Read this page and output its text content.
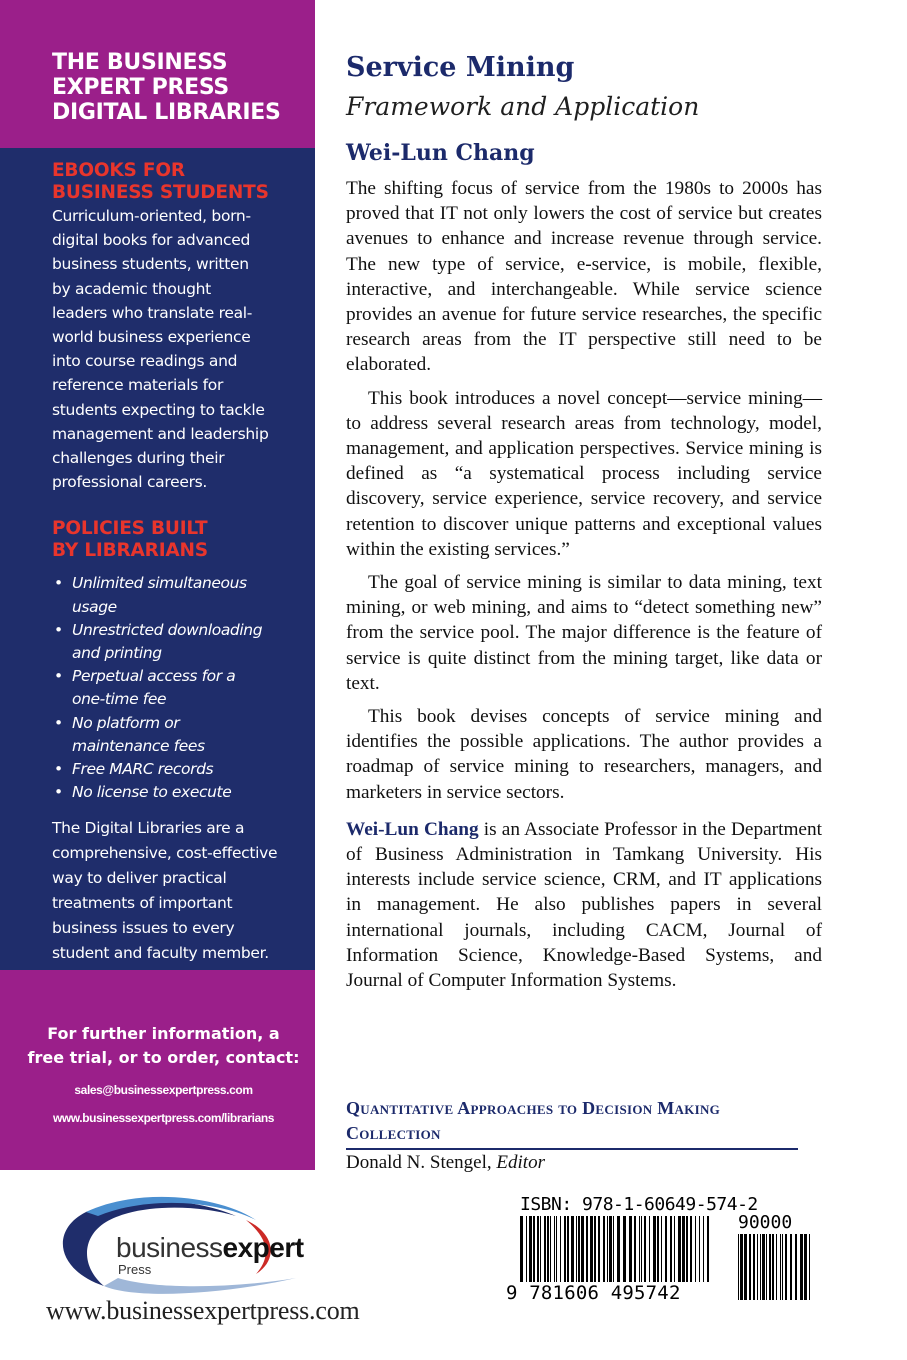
THE BUSINESS
EXPERT PRESS
DIGITAL LIBRARIES
EBOOKS FOR
BUSINESS STUDENTS
Curriculum-oriented, born-
digital books for advanced
business students, written
by academic thought
leaders who translate real-
world business experience
into course readings and
reference materials for
students expecting to tackle
management and leadership
challenges during their
professional careers.
POLICIES BUILT
BY LIBRARIANS
• Unlimited simultaneous
usage
• Unrestricted downloading
and printing
• Perpetual access for a
one-time fee
• No platform or
maintenance fees
• Free MARC records
• No license to execute
The Digital Libraries are a
comprehensive, cost-effective
way to deliver practical
treatments of important
business issues to every
student and faculty member.
For further information, a
free trial, or to order, contact:
sales@businessexpertpress.com
www.businessexpertpress.com/librarians
Service Mining
Framework and Application
Wei-Lun Chang

The shifting focus of service from the 1980s to 2000s has proved that IT not only lowers the cost of service but creates avenues to enhance and increase revenue through service. The new type of service, e-service, is mobile, flexible, interactive, and interchangeable. While service science provides an avenue for future service researches, the specific research areas from the IT perspective still need to be elaborated.

This book introduces a novel concept—service mining—to address several research areas from technology, model, management, and application perspectives. Service mining is defined as “a systematical process including service discovery, service experience, service recovery, and service retention to discover unique patterns and exceptional values within the existing services.”

The goal of service mining is similar to data mining, text mining, or web mining, and aims to “detect something new” from the service pool. The major difference is the feature of service is quite distinct from the mining target, like data or text.

This book devises concepts of service mining and identifies the possible applications. The author provides a roadmap of service mining to researchers, managers, and marketers in service sectors.

Wei-Lun Chang is an Associate Professor in the Department of Business Administration in Tamkang University. His interests include service science, CRM, and IT applications in management. He also publishes papers in several international journals, including CACM, Journal of Information Science, Knowledge-Based Systems, and Journal of Computer Information Systems.

Quantitative Approaches to Decision Making
Collection
Donald N. Stengel, Editor
businessexpert
Press
www.businessexpertpress.com
ISBN: 978-1-60649-574-2
90000
9 781606 495742
